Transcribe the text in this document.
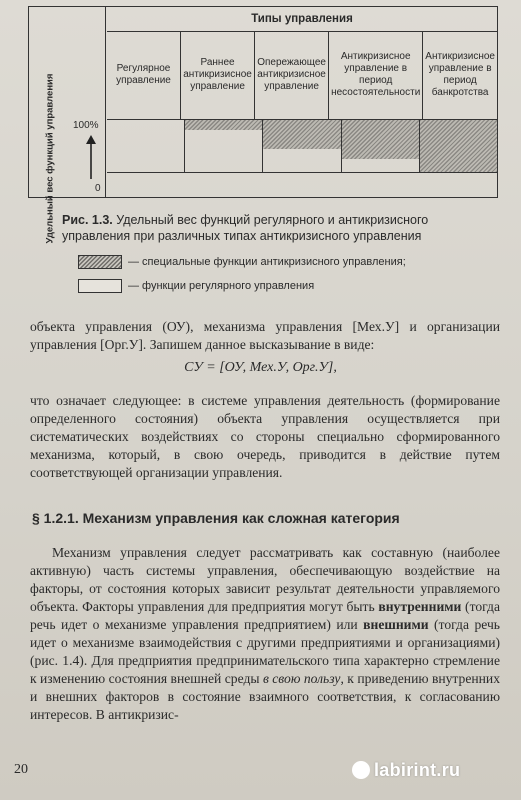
Типы управления
Регулярное управление
Раннее антикризисное управление
Опережающее антикризисное управление
Антикризисное управление в период несостоятельности
Антикризисное управление в период банкротства
Удельный вес функций управления 100%
0
Рис. 1.3. Удельный вес функций регулярного и антикризисного управления при различных типах антикризисного управления
— специальные функции антикризисного управления;
— функции регулярного управления
объекта управления (ОУ), механизма управления [Мех.У] и организации управления [Орг.У]. Запишем данное высказывание в виде:
СУ = [ОУ, Мех.У, Орг.У],
что означает следующее: в системе управления деятельность (формирование определенного состояния) объекта управления осуществляется при систематических воздействиях со стороны специально сформированного механизма, который, в свою очередь, приводится в действие путем соответствующей организации управления.
§ 1.2.1. Механизм управления как сложная категория
Механизм управления следует рассматривать как составную (наиболее активную) часть системы управления, обеспечивающую воздействие на факторы, от состояния которых зависит результат деятельности управляемого объекта. Факторы управления для предприятия могут быть внутренними (тогда речь идет о механизме управления предприятием) или внешними (тогда речь идет о механизме взаимодействия с другими предприятиями и организациями) (рис. 1.4). Для предприятия предпринимательского типа характерно стремление к изменению состояния внешней среды в свою пользу, к приведению внутренних и внешних факторов в состояние взаимного соответствия, к согласованию интересов. В антикризис-
20	labirint.ru
